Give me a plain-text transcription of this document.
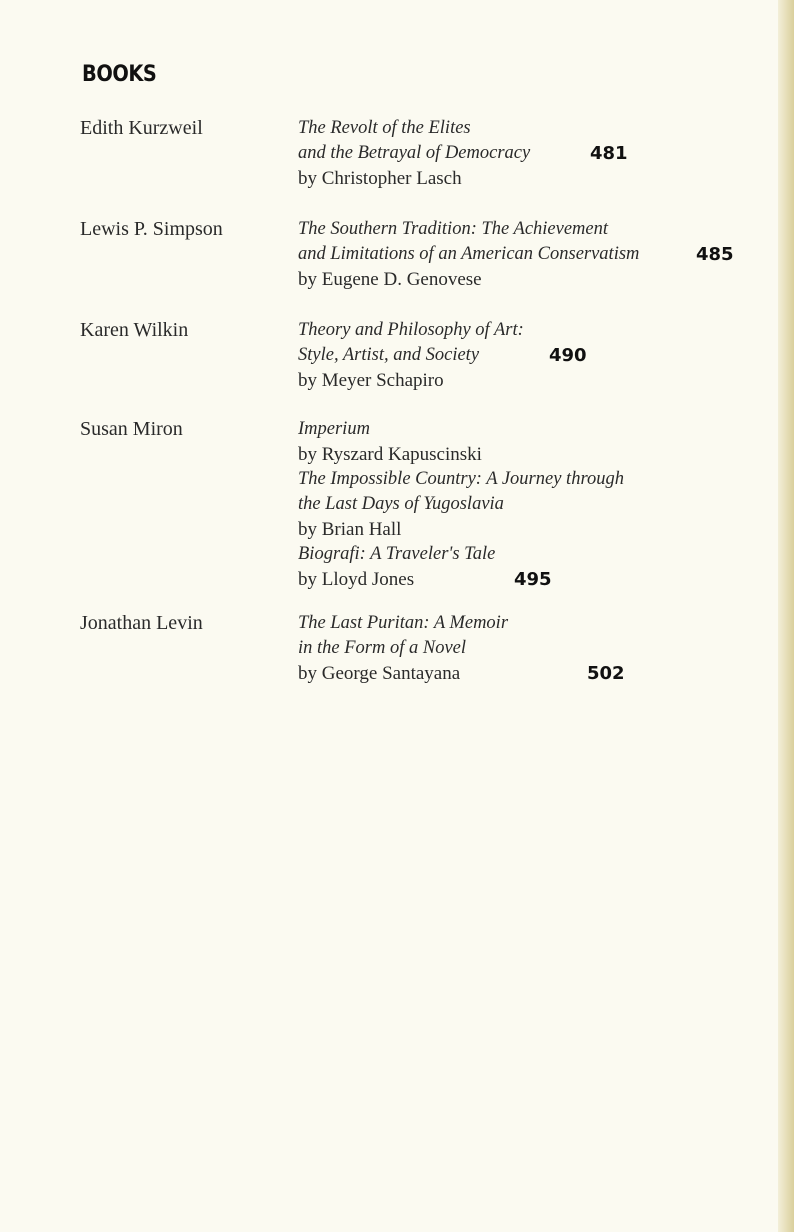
BOOKS
Edith Kurzweil	The Revolt of the Elites
and the Betrayal of Democracy	481
by Christopher Lasch
Lewis P. Simpson	The Southern Tradition: The Achievement
and Limitations of an American Conservatism	485
by Eugene D. Genovese
Karen Wilkin	Theory and Philosophy of Art:
Style, Artist, and Society	490
by Meyer Schapiro
Susan Miron	Imperium
by Ryszard Kapuscinski
The Impossible Country: A Journey through
the Last Days of Yugoslavia
by Brian Hall
Biografi: A Traveler's Tale
by Lloyd Jones	495
Jonathan Levin	The Last Puritan: A Memoir
in the Form of a Novel
by George Santayana	502
